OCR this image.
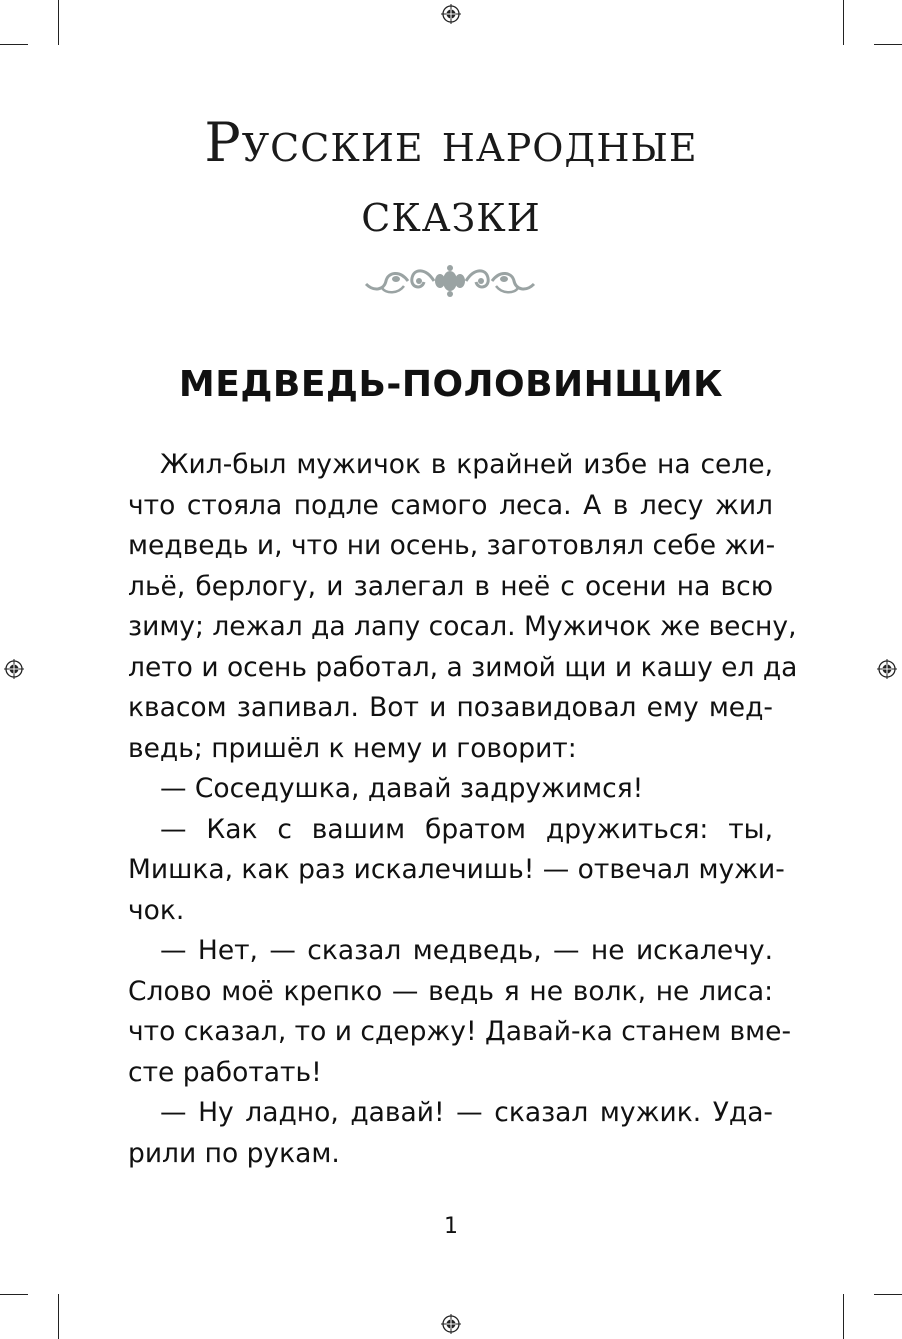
Русские народные
сказки
МЕДВЕДЬ-ПОЛОВИНЩИК
Жил-был мужичок в крайней избе на селе,
что стояла подле самого леса. А в лесу жил
медведь и, что ни осень, заготовлял себе жи-
льё, берлогу, и залегал в неё с осени на всю
зиму; лежал да лапу сосал. Мужичок же весну,
лето и осень работал, а зимой щи и кашу ел да
квасом запивал. Вот и позавидовал ему мед-
ведь; пришёл к нему и говорит:
— Соседушка, давай задружимся!
— Как с вашим братом дружиться: ты,
Мишка, как раз искалечишь! — отвечал мужи-
чок.
— Нет, — сказал медведь, — не искалечу.
Слово моё крепко — ведь я не волк, не лиса:
что сказал, то и сдержу! Давай-ка станем вме-
сте работать!
— Ну ладно, давай! — сказал мужик. Уда-
рили по рукам.
1
